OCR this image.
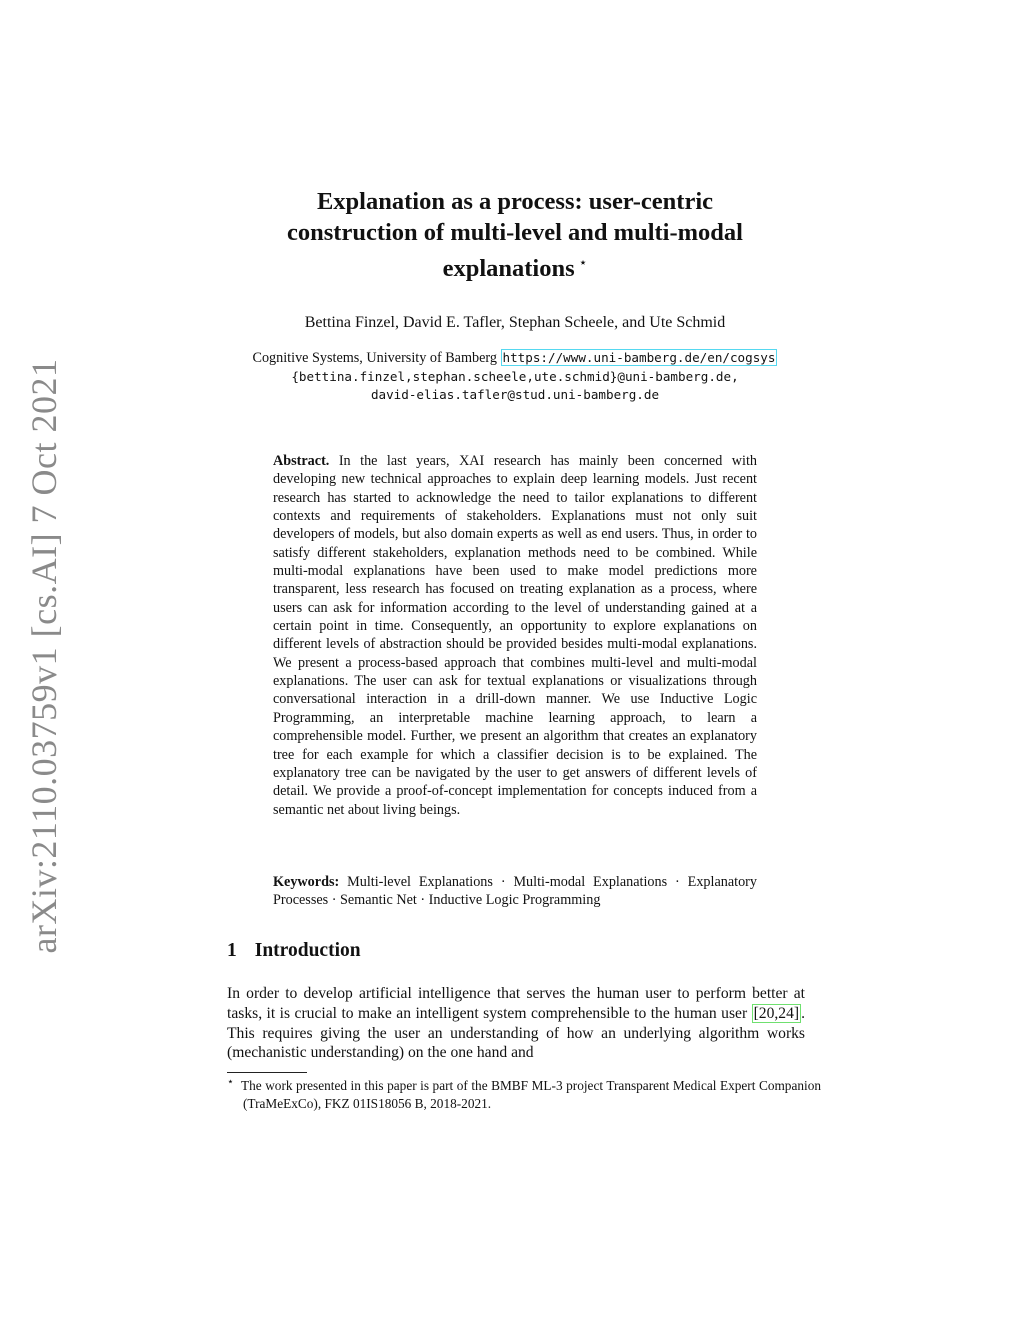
arXiv:2110.03759v1 [cs.AI] 7 Oct 2021
Explanation as a process: user-centric
construction of multi-level and multi-modal
explanations ⋆
Bettina Finzel, David E. Tafler, Stephan Scheele, and Ute Schmid
Cognitive Systems, University of Bamberg https://www.uni-bamberg.de/en/cogsys
{bettina.finzel,stephan.scheele,ute.schmid}@uni-bamberg.de,
david-elias.tafler@stud.uni-bamberg.de

Abstract. In the last years, XAI research has mainly been concerned with developing new technical approaches to explain deep learning models. Just recent research has started to acknowledge the need to tailor explanations to different contexts and requirements of stakeholders. Explanations must not only suit developers of models, but also domain experts as well as end users. Thus, in order to satisfy different stakeholders, explanation methods need to be combined. While multi-modal explanations have been used to make model predictions more transparent, less research has focused on treating explanation as a process, where users can ask for information according to the level of understanding gained at a certain point in time. Consequently, an opportunity to explore explanations on different levels of abstraction should be provided besides multi-modal explanations. We present a process-based approach that combines multi-level and multi-modal explanations. The user can ask for textual explanations or visualizations through conversational interaction in a drill-down manner. We use Inductive Logic Programming, an interpretable machine learning approach, to learn a comprehensible model. Further, we present an algorithm that creates an explanatory tree for each example for which a classifier decision is to be explained. The explanatory tree can be navigated by the user to get answers of different levels of detail. We provide a proof-of-concept implementation for concepts induced from a semantic net about living beings.

Keywords: Multi-level Explanations · Multi-modal Explanations · Explanatory Processes · Semantic Net · Inductive Logic Programming

1 Introduction

In order to develop artificial intelligence that serves the human user to perform better at tasks, it is crucial to make an intelligent system comprehensible to the human user [20,24] . This requires giving the user an understanding of how an underlying algorithm works (mechanistic understanding) on the one hand and

⋆ The work presented in this paper is part of the BMBF ML-3 project Transparent Medical Expert Companion (TraMeExCo), FKZ 01IS18056 B, 2018-2021.
